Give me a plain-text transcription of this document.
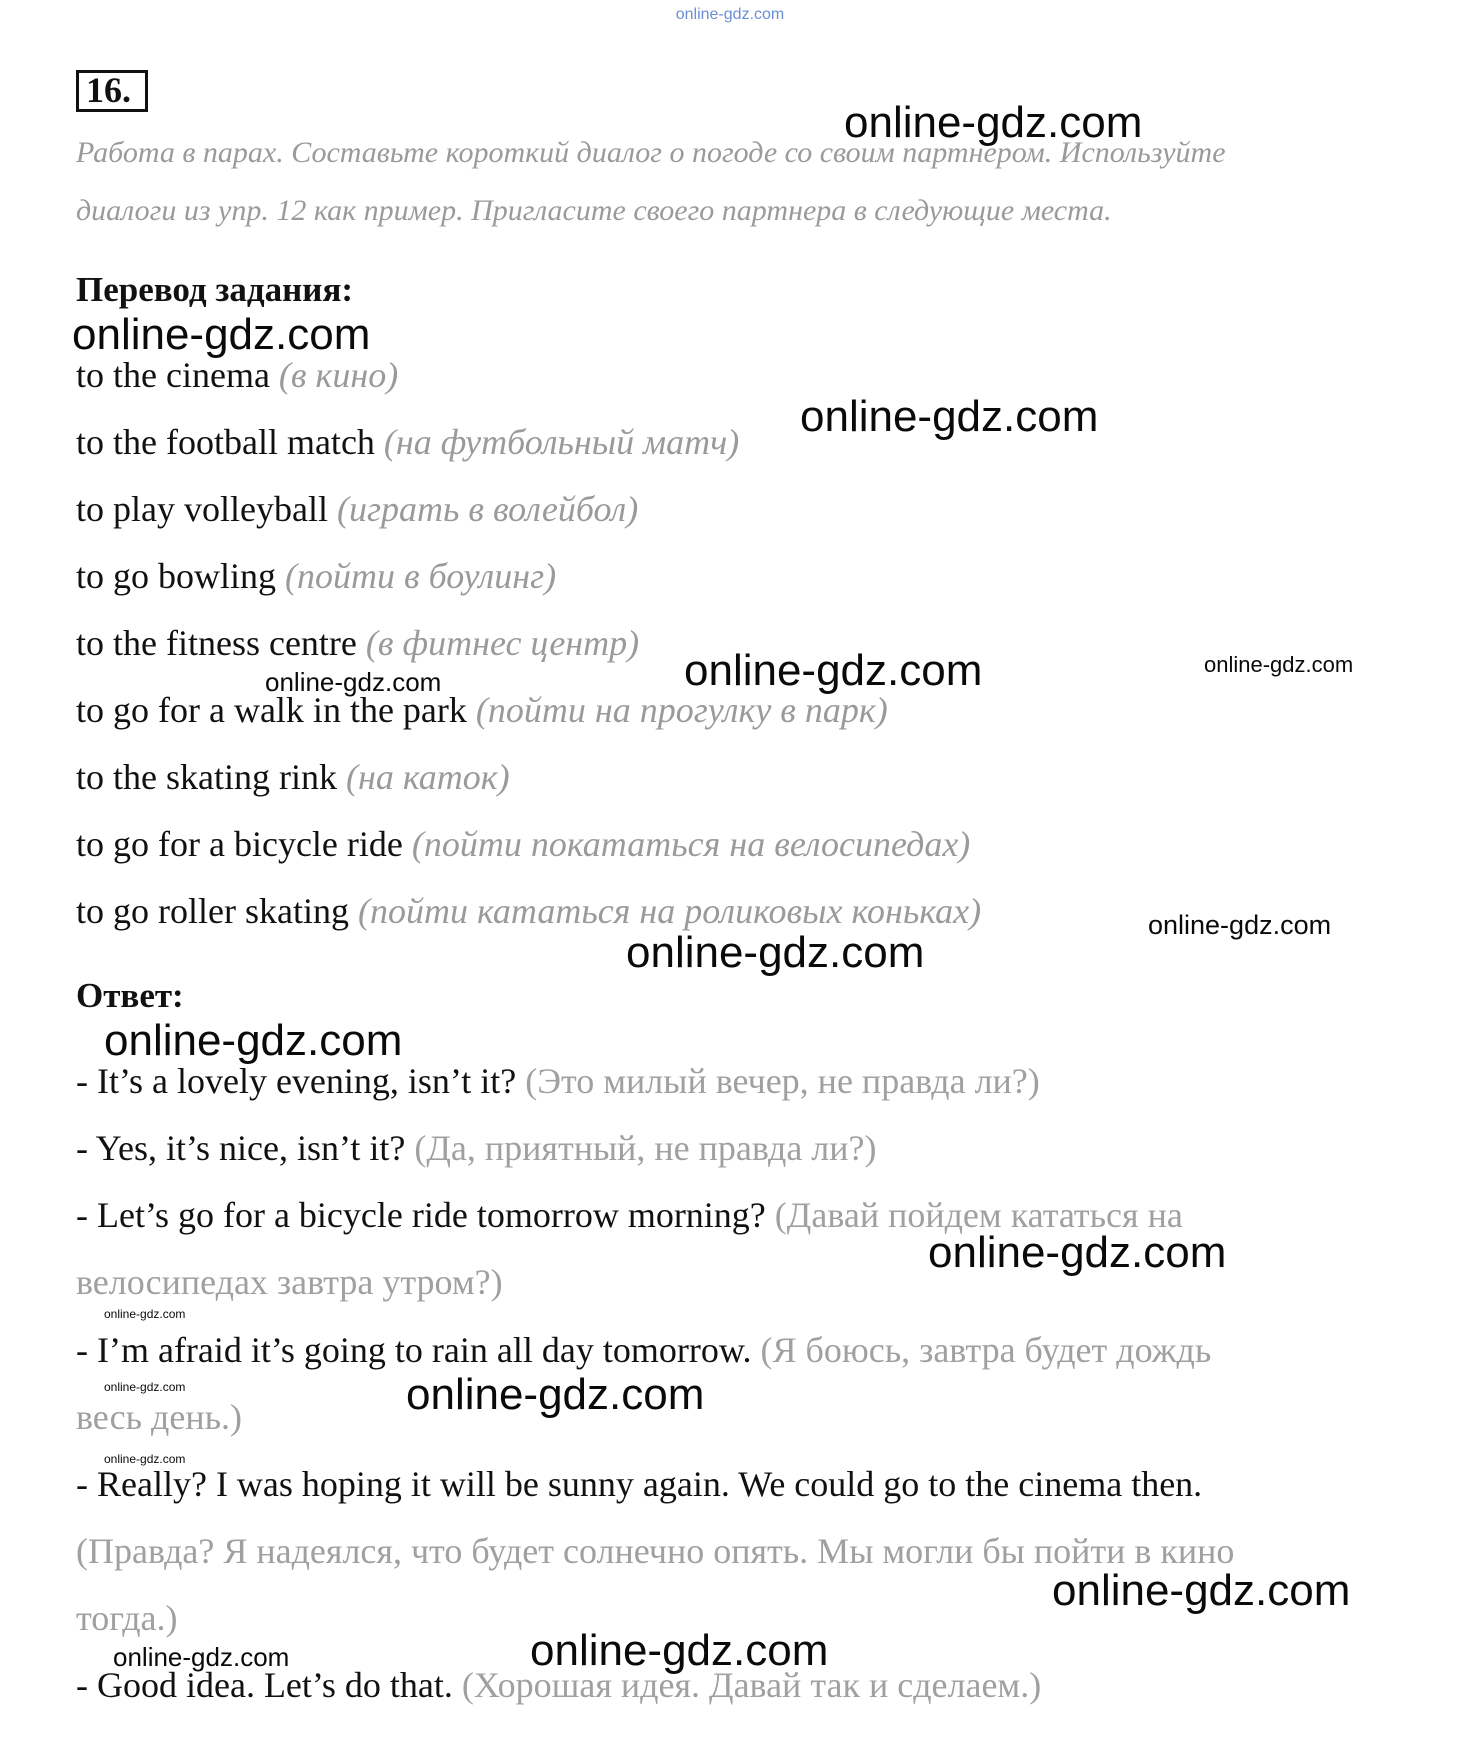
online-gdz.com
16.
Работа в парах. Составьте короткий диалог о погоде со своим партнером. Используйте
диалоги из упр. 12 как пример. Пригласите своего партнера в следующие места.
Перевод задания:
to the cinema (в кино)
to the football match (на футбольный матч)
to play volleyball (играть в волейбол)
to go bowling (пойти в боулинг)
to the fitness centre (в фитнес центр)
to go for a walk in the park (пойти на прогулку в парк)
to the skating rink (на каток)
to go for a bicycle ride (пойти покататься на велосипедах)
to go roller skating (пойти кататься на роликовых коньках)
Ответ:
- It’s a lovely evening, isn’t it? (Это милый вечер, не правда ли?)
- Yes, it’s nice, isn’t it? (Да, приятный, не правда ли?)
- Let’s go for a bicycle ride tomorrow morning? (Давай пойдем кататься на
велосипедах завтра утром?)
- I’m afraid it’s going to rain all day tomorrow. (Я боюсь, завтра будет дождь
весь день.)
- Really? I was hoping it will be sunny again. We could go to the cinema then.
(Правда? Я надеялся, что будет солнечно опять. Мы могли бы пойти в кино
тогда.)
- Good idea. Let’s do that. (Хорошая идея. Давай так и сделаем.)
online-gdz.com
online-gdz.com
online-gdz.com
online-gdz.com
online-gdz.com
online-gdz.com
online-gdz.com
online-gdz.com
online-gdz.com
online-gdz.com
online-gdz.com
online-gdz.com	online-gdz.com
online-gdz.com
online-gdz.com
online-gdz.com	online-gdz.com
